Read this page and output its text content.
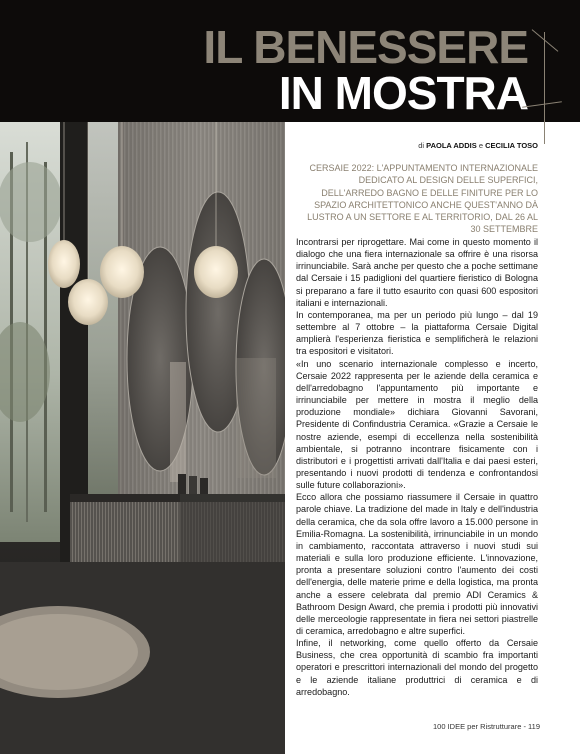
IL BENESSERE
IN MOSTRA
di PAOLA ADDIS e CECILIA TOSO
CERSAIE 2022: L'APPUNTAMENTO INTERNAZIONALE DEDICATO AL DESIGN DELLE SUPERFICI, DELL'ARREDO BAGNO E DELLE FINITURE PER LO SPAZIO ARCHITETTONICO ANCHE QUEST'ANNO DÀ LUSTRO A UN SETTORE E AL TERRITORIO, DAL 26 AL 30 SETTEMBRE

Incontrarsi per riprogettare. Mai come in questo momento il dialogo che una fiera internazionale sa offrire è una risorsa irrinunciabile. Sarà anche per questo che a poche settimane dal Cersaie i 15 padiglioni del quartiere fieristico di Bologna si preparano a fare il tutto esaurito con quasi 600 espositori italiani e internazionali.

In contemporanea, ma per un periodo più lungo – dal 19 settembre al 7 ottobre – la piattaforma Cersaie Digital amplierà l'esperienza fieristica e semplificherà le relazioni tra espositori e visitatori.

«In uno scenario internazionale complesso e incerto, Cersaie 2022 rappresenta per le aziende della ceramica e dell'arredobagno l'appuntamento più importante e irrinunciabile per mettere in mostra il meglio della produzione mondiale» dichiara Giovanni Savorani, Presidente di Confindustria Ceramica. «Grazie a Cersaie le nostre aziende, esempi di eccellenza nella sostenibilità ambientale, si potranno incontrare fisicamente con i distributori e i progettisti arrivati dall'Italia e dai paesi esteri, presentando i nuovi prodotti di tendenza e confrontandosi sulle future collaborazioni».

Ecco allora che possiamo riassumere il Cersaie in quattro parole chiave. La tradizione del made in Italy e dell'industria della ceramica, che da sola offre lavoro a 15.000 persone in Emilia-Romagna. La sostenibilità, irrinunciabile in un mondo in cambiamento, raccontata attraverso i nuovi studi sui materiali e sulla loro produzione efficiente. L'innovazione, pronta a presentare soluzioni contro l'aumento dei costi dell'energia, delle materie prime e della logistica, ma pronta anche a essere celebrata dal premio ADI Ceramics & Bathroom Design Award, che premia i prodotti più innovativi delle merceologie rappresentate in fiera nei settori piastrelle di ceramica, arredobagno e altre superfici.

Infine, il networking, come quello offerto da Cersaie Business, che crea opportunità di scambio fra importanti operatori e prescrittori internazionali del mondo del progetto e le aziende italiane produttrici di ceramica e di arredobagno.

100 IDEE per Ristrutturare - 119
